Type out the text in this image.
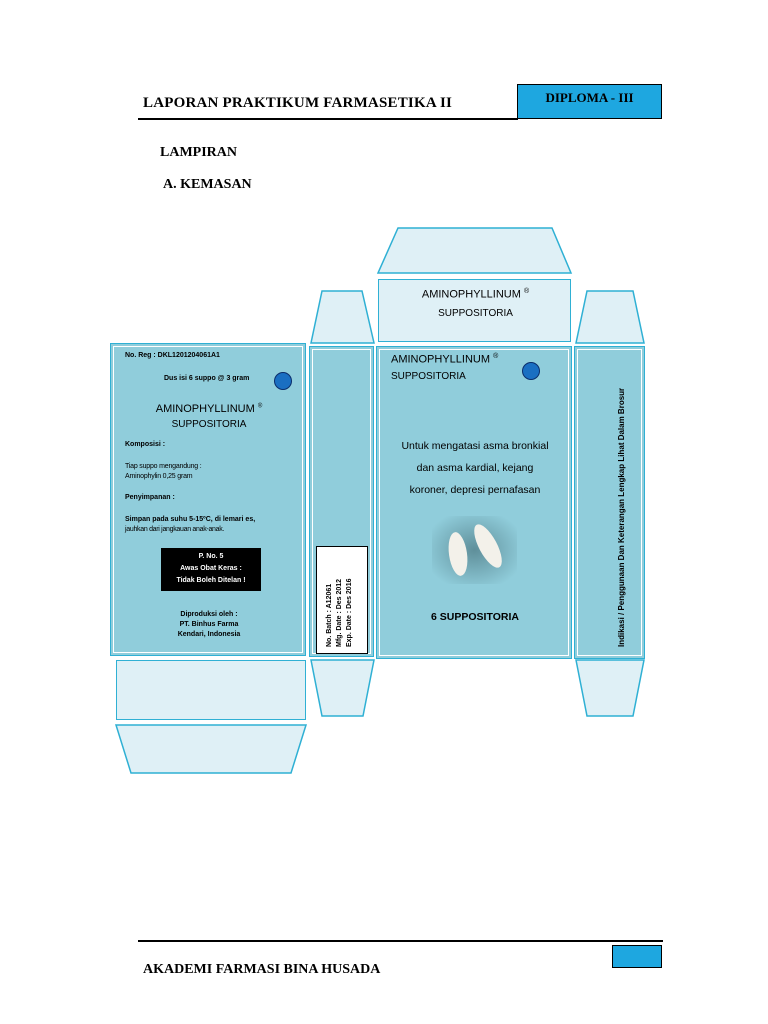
LAPORAN PRAKTIKUM FARMASETIKA II	DIPLOMA - III
LAMPIRAN
A. KEMASAN
AMINOPHYLLINUM ®
SUPPOSITORIA
No. Reg : DKL1201204061A1
Dus isi 6 suppo @ 3 gram
AMINOPHYLLINUM ®
SUPPOSITORIA
Komposisi :
Tiap suppo mengandung :
Aminophylin 0,25 gram
Penyimpanan :
Simpan pada suhu 5-15ºC, di lemari es,
jauhkan dari jangkauan anak-anak.
P. No. 5
Awas Obat Keras :
Tidak Boleh Ditelan !
Diproduksi oleh :
PT. Binhus Farma
Kendari, Indonesia	No. Batch : A12061 Mfg. Date : Des 2012 Exp. Date : Des 2016
AMINOPHYLLINUM ®
SUPPOSITORIA
Untuk mengatasi asma bronkial
dan asma kardial, kejang
koroner, depresi pernafasan
6 SUPPOSITORIA	Indikasi / Penggunaan Dan Keterangan Lengkap Lihat Dalam Brosur
AKADEMI FARMASI BINA HUSADA
